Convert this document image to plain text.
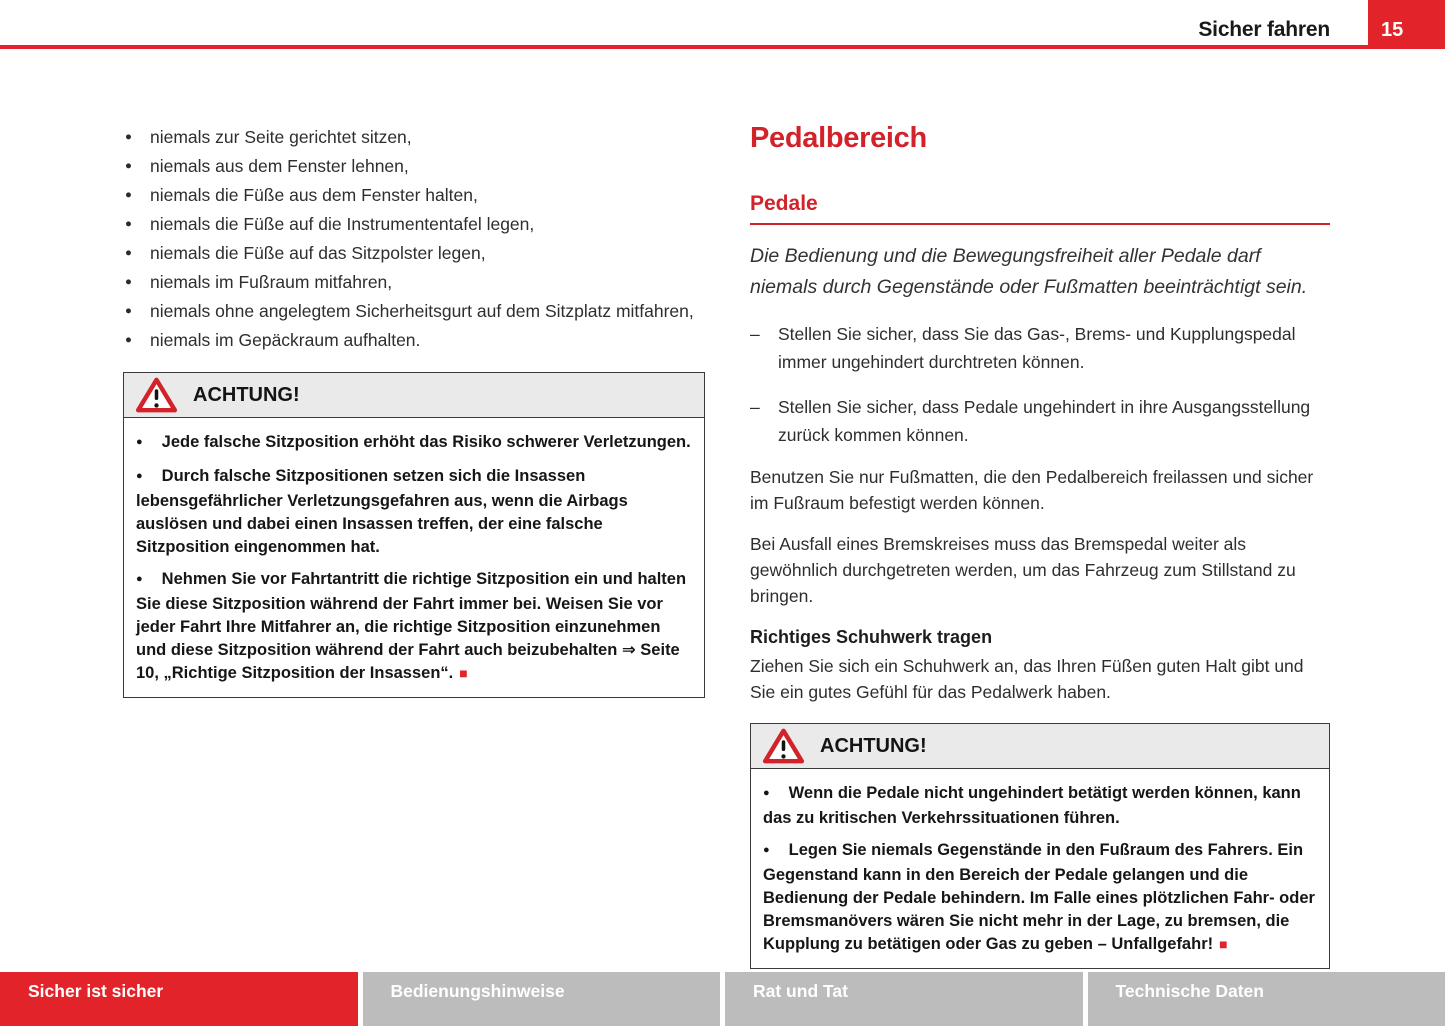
Sicher fahren	15
● niemals zur Seite gerichtet sitzen,
● niemals aus dem Fenster lehnen,
● niemals die Füße aus dem Fenster halten,
● niemals die Füße auf die Instrumententafel legen,
● niemals die Füße auf das Sitzpolster legen,
● niemals im Fußraum mitfahren,
● niemals ohne angelegtem Sicherheitsgurt auf dem Sitzplatz mitfahren,
● niemals im Gepäckraum aufhalten.
ACHTUNG!

● Jede falsche Sitzposition erhöht das Risiko schwerer Verletzungen.

● Durch falsche Sitzpositionen setzen sich die Insassen lebensgefährlicher Verletzungsgefahren aus, wenn die Airbags auslösen und dabei einen Insassen treffen, der eine falsche Sitzposition eingenommen hat.

● Nehmen Sie vor Fahrtantritt die richtige Sitzposition ein und halten Sie diese Sitzposition während der Fahrt immer bei. Weisen Sie vor jeder Fahrt Ihre Mitfahrer an, die richtige Sitzposition einzunehmen und diese Sitzposition während der Fahrt auch beizubehalten ⇒ Seite 10, „Richtige Sitzposition der Insassen“. ■

Pedalbereich
Pedale

Die Bedienung und die Bewegungsfreiheit aller Pedale darf niemals durch Gegenstände oder Fußmatten beeinträchtigt sein.

–	Stellen Sie sicher, dass Sie das Gas-, Brems- und Kupplungspedal immer ungehindert durchtreten können.
–	Stellen Sie sicher, dass Pedale ungehindert in ihre Ausgangsstellung zurück kommen können.

Benutzen Sie nur Fußmatten, die den Pedalbereich freilassen und sicher im Fußraum befestigt werden können.

Bei Ausfall eines Bremskreises muss das Bremspedal weiter als gewöhnlich durchgetreten werden, um das Fahrzeug zum Stillstand zu bringen.

Richtiges Schuhwerk tragen

Ziehen Sie sich ein Schuhwerk an, das Ihren Füßen guten Halt gibt und Sie ein gutes Gefühl für das Pedalwerk haben.

ACHTUNG!

● Wenn die Pedale nicht ungehindert betätigt werden können, kann das zu kritischen Verkehrssituationen führen.

● Legen Sie niemals Gegenstände in den Fußraum des Fahrers. Ein Gegenstand kann in den Bereich der Pedale gelangen und die Bedienung der Pedale behindern. Im Falle eines plötzlichen Fahr- oder Bremsmanövers wären Sie nicht mehr in der Lage, zu bremsen, die Kupplung zu betätigen oder Gas zu geben – Unfallgefahr! ■

Sicher ist sicher	Bedienungshinweise	Rat und Tat	Technische Daten
